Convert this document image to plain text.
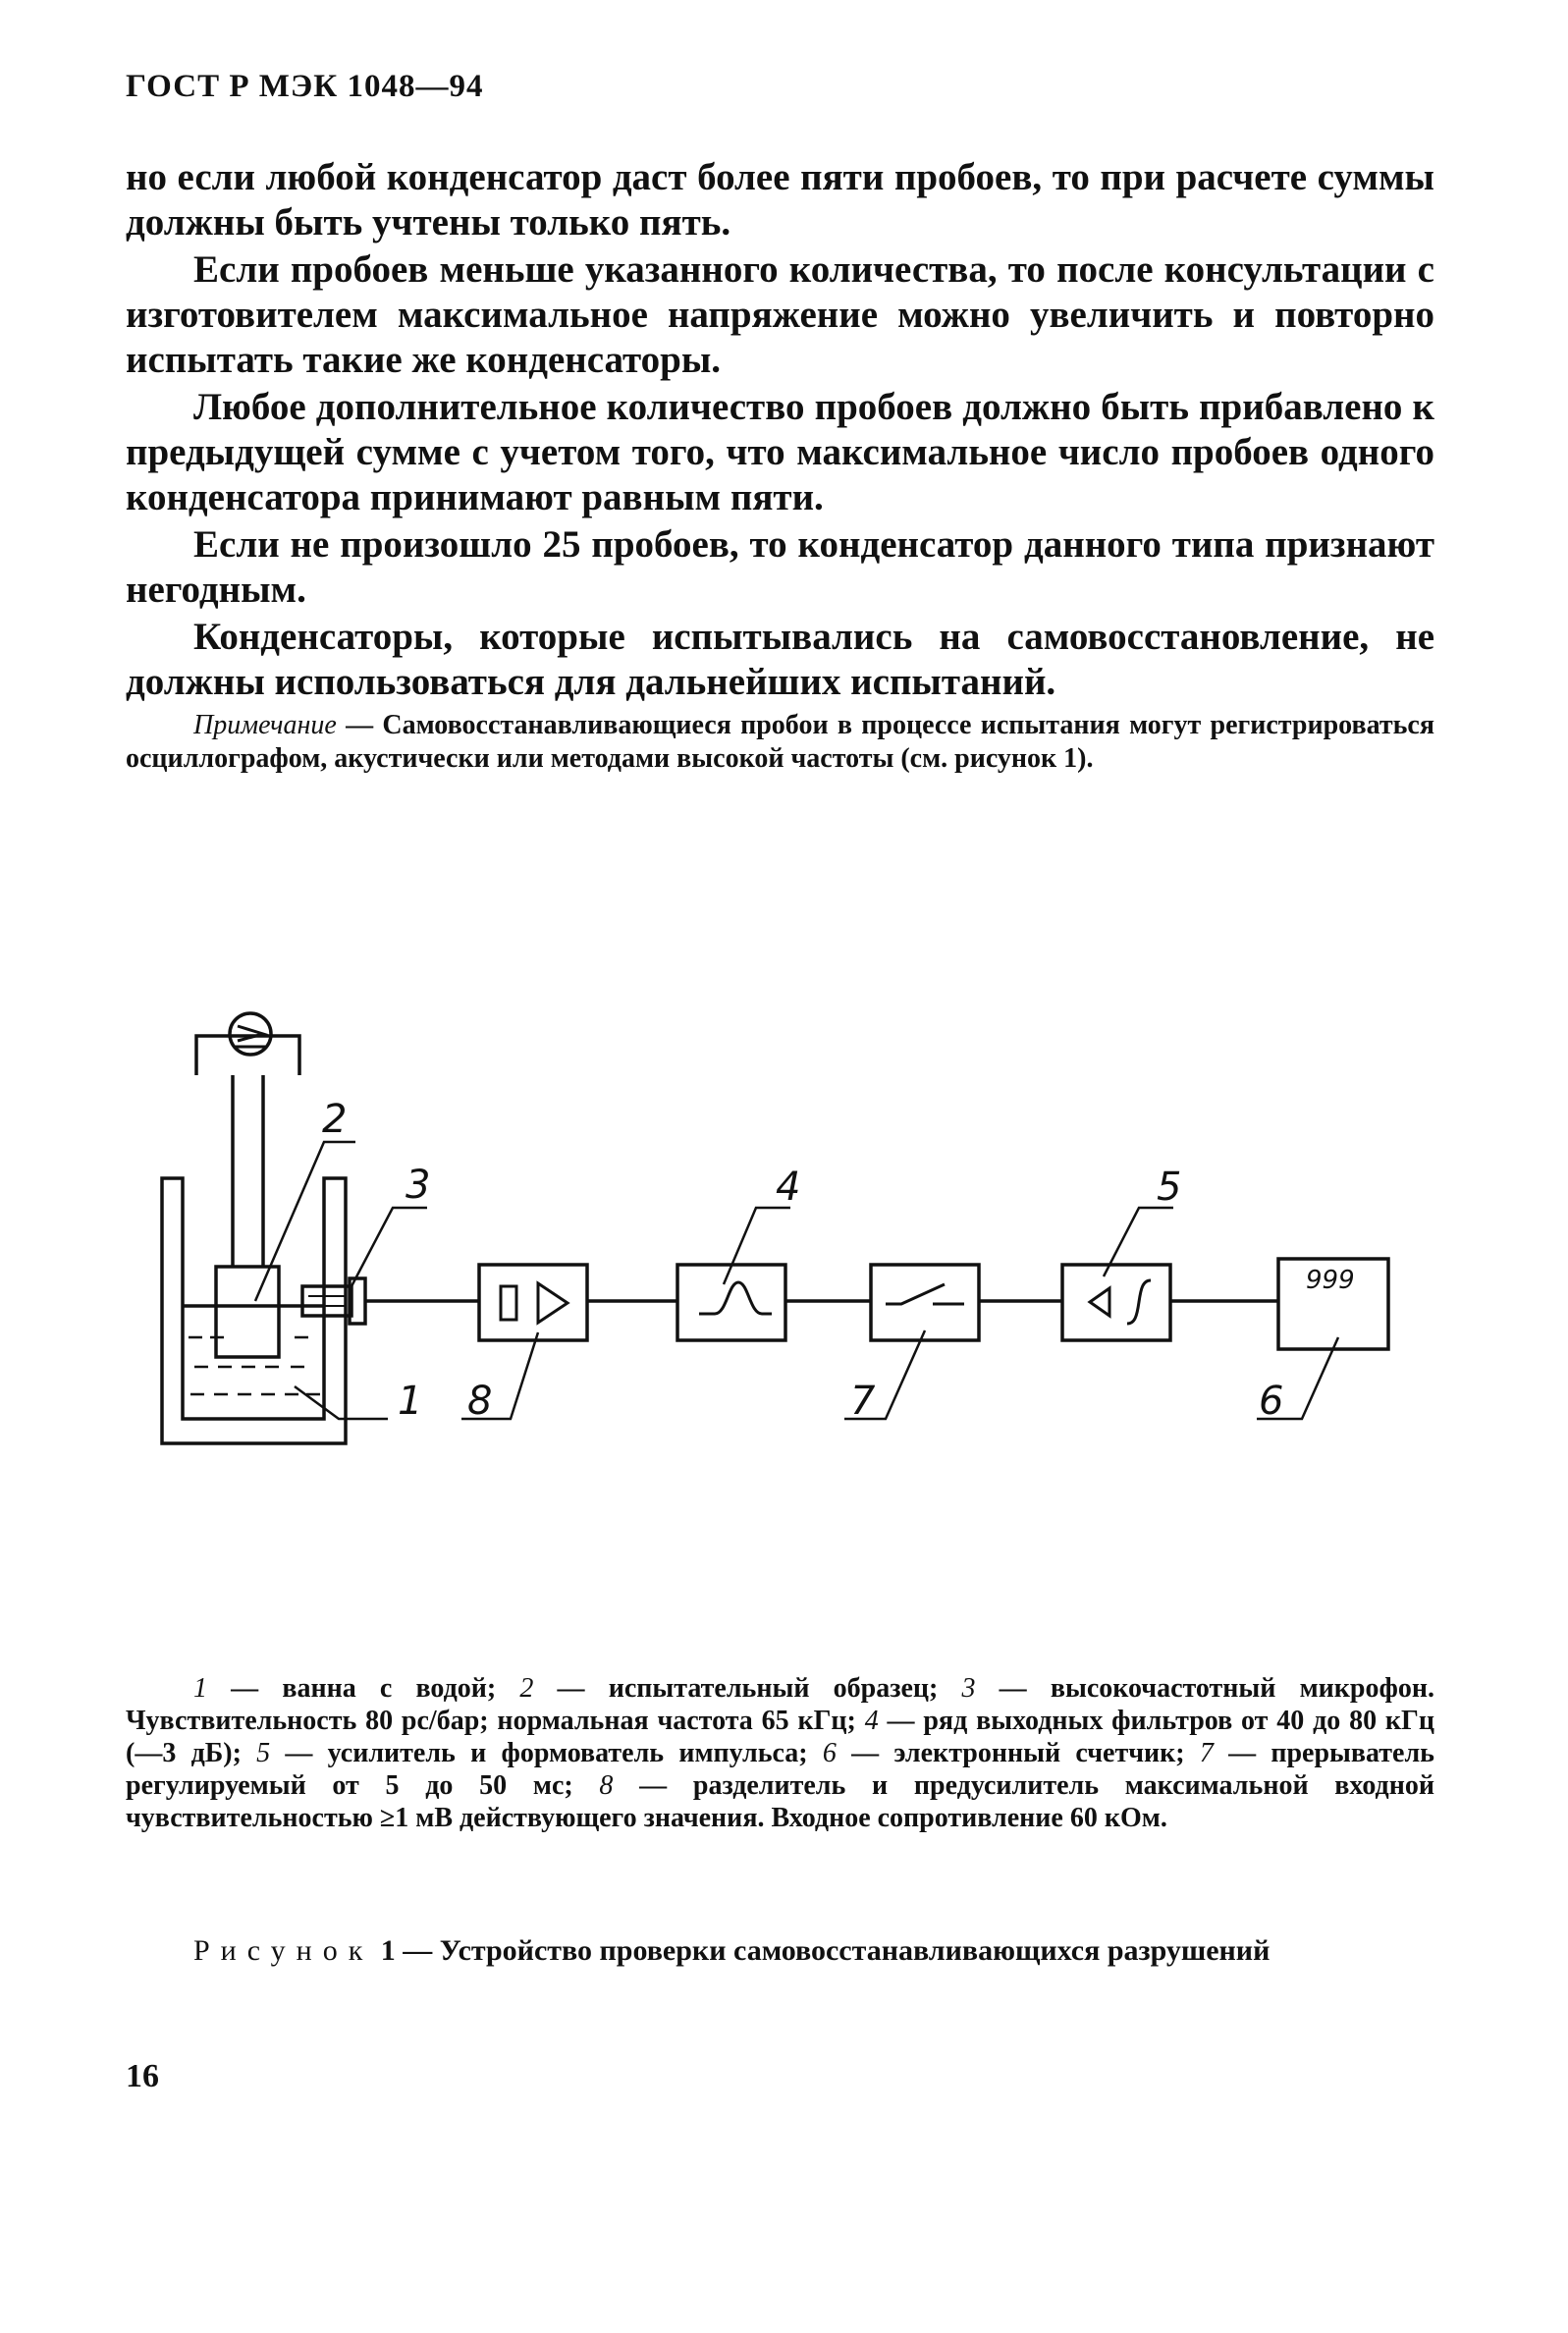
ГОСТ Р МЭК 1048—94

но если любой конденсатор даст более пяти пробоев, то при расчете суммы должны быть учтены только пять.

Если пробоев меньше указанного количества, то после консультации с изготовителем максимальное напряжение можно увеличить и повторно испытать такие же конденсаторы.

Любое дополнительное количество пробоев должно быть прибавлено к предыдущей сумме с учетом того, что максимальное число пробоев одного конденсатора принимают равным пяти.

Если не произошло 25 пробоев, то конденсатор данного типа признают негодным.

Конденсаторы, которые испытывались на самовосстановление, не должны использоваться для дальнейших испытаний.

Примечание — Самовосстанавливающиеся пробои в процессе испытания могут регистрироваться осциллографом, акустически или методами высокой частоты (см. рисунок 1).
2
3	4	5
1 8	7	6
999
1 — ванна с водой; 2 — испытательный образец; 3 — высокочастотный микрофон. Чувствительность 80 рс/бар; нормальная частота 65 кГц; 4 — ряд выходных фильтров от 40 до 80 кГц (—3 дБ); 5 — усилитель и формователь импульса; 6 — электронный счетчик; 7 — прерыватель регулируемый от 5 до 50 мс; 8 — разделитель и предусилитель максимальной входной чувствительностью ≥1 мВ действующего значения. Входное сопротивление 60 кОм.
Рисунок 1 — Устройство проверки самовосстанавливающихся разрушений
16
